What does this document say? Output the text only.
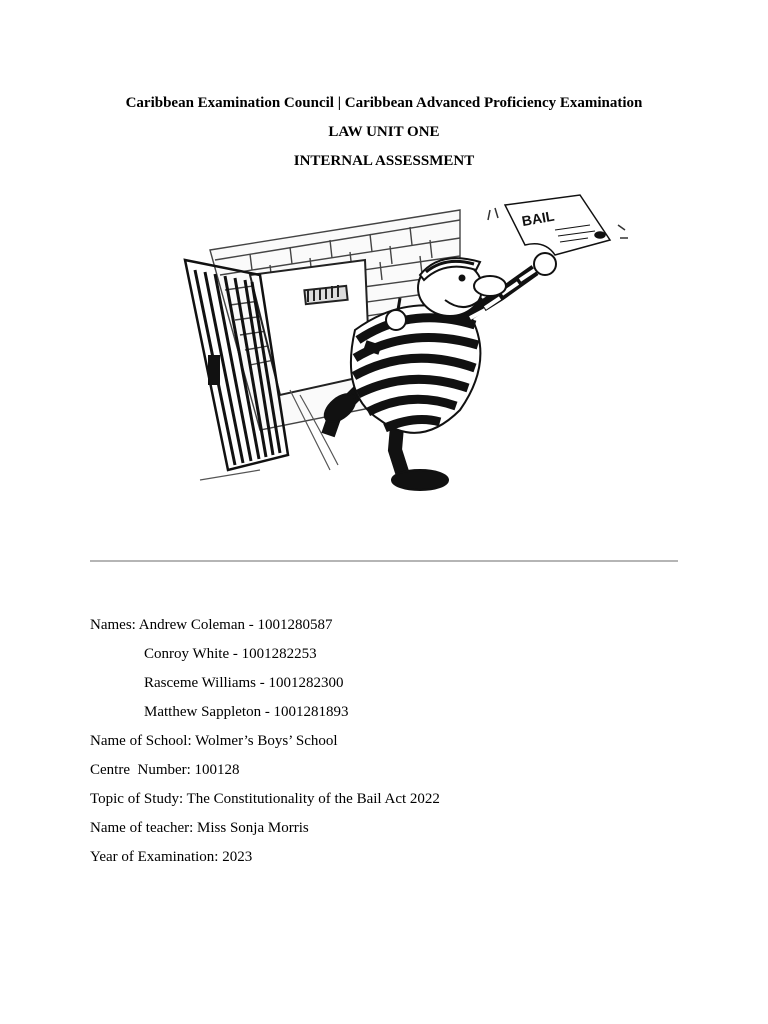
Caribbean Examination Council | Caribbean Advanced Proficiency Examination
LAW UNIT ONE
INTERNAL ASSESSMENT
BAIL
Names: Andrew Coleman - 1001280587
Conroy White - 1001282253
Rasceme Williams - 1001282300
Matthew Sappleton - 1001281893
Name of School: Wolmer’s Boys’ School
Centre  Number: 100128
Topic of Study: The Constitutionality of the Bail Act 2022
Name of teacher: Miss Sonja Morris
Year of Examination: 2023
